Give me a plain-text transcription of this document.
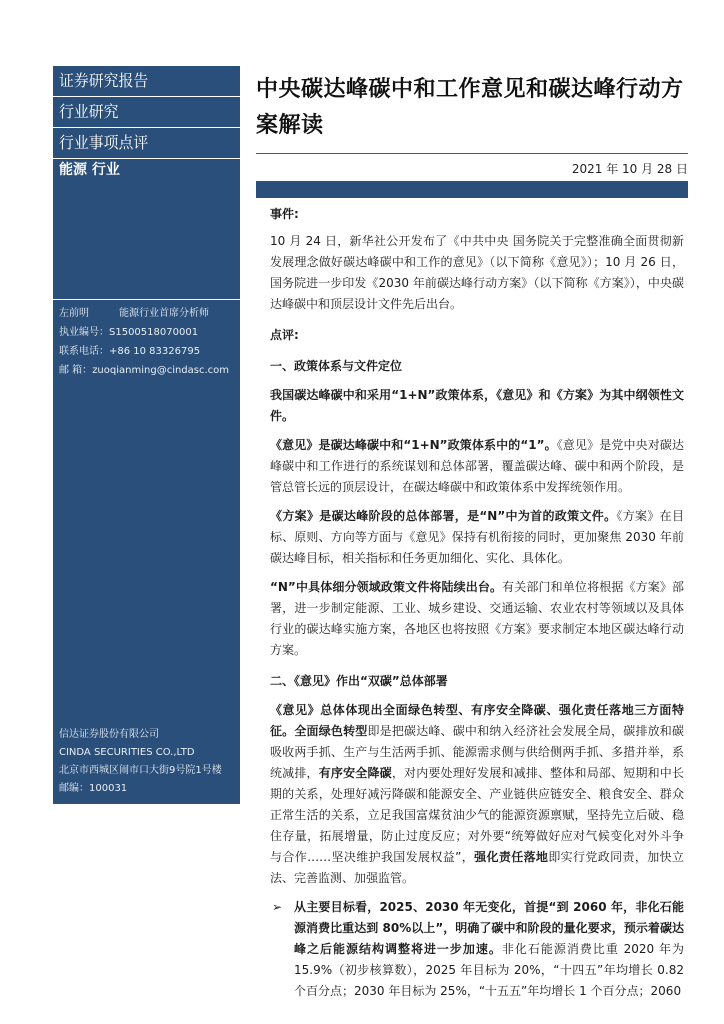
证券研究报告
行业研究
行业事项点评
能源 行业
左前明	能源行业首席分析师
执业编号：S1500518070001
联系电话：+86 10 83326795
邮 箱：zuoqianming@cindasc.com
信达证券股份有限公司
CINDA SECURITIES CO.,LTD
北京市西城区闹市口大街9号院1号楼
邮编：100031
中央碳达峰碳中和工作意见和碳达峰行动方案解读
2021 年 10 月 28 日

事件:

10 月 24 日，新华社公开发布了《中共中央 国务院关于完整准确全面贯彻新发展理念做好碳达峰碳中和工作的意见》（以下简称《意见》）；10 月 26 日，国务院进一步印发《2030 年前碳达峰行动方案》（以下简称《方案》），中央碳达峰碳中和顶层设计文件先后出台。

点评:

一、政策体系与文件定位

我国碳达峰碳中和采用“1+N”政策体系，《意见》和《方案》为其中纲领性文件。

《意见》是碳达峰碳中和“1+N”政策体系中的“1”。《意见》是党中央对碳达峰碳中和工作进行的系统谋划和总体部署，覆盖碳达峰、碳中和两个阶段，是管总管长远的顶层设计，在碳达峰碳中和政策体系中发挥统领作用。

《方案》是碳达峰阶段的总体部署，是“N”中为首的政策文件。《方案》在目标、原则、方向等方面与《意见》保持有机衔接的同时，更加聚焦 2030 年前碳达峰目标，相关指标和任务更加细化、实化、具体化。

“N”中具体细分领域政策文件将陆续出台。有关部门和单位将根据《方案》部署，进一步制定能源、工业、城乡建设、交通运输、农业农村等领域以及具体行业的碳达峰实施方案，各地区也将按照《方案》要求制定本地区碳达峰行动方案。

二、《意见》作出“双碳”总体部署

《意见》总体体现出全面绿色转型、有序安全降碳、强化责任落地三方面特征。全面绿色转型即是把碳达峰、碳中和纳入经济社会发展全局，碳排放和碳吸收两手抓、生产与生活两手抓、能源需求侧与供给侧两手抓、多措并举，系统减排，有序安全降碳，对内要处理好发展和减排、整体和局部、短期和中长期的关系，处理好减污降碳和能源安全、产业链供应链安全、粮食安全、群众正常生活的关系，立足我国富煤贫油少气的能源资源禀赋，坚持先立后破、稳住存量，拓展增量，防止过度反应；对外要“统筹做好应对气候变化对外斗争与合作……坚决维护我国发展权益”，强化责任落地即实行党政同责，加快立法、完善监测、加强监管。

➢ 从主要目标看，2025、2030 年无变化，首提“到 2060 年，非化石能源消费比重达到 80%以上”，明确了碳中和阶段的量化要求，预示着碳达峰之后能源结构调整将进一步加速。非化石能源消费比重 2020 年为 15.9%（初步核算数），2025 年目标为 20%，“十四五”年均增长 0.82 个百分点；2030 年目标为 25%，“十五五”年均增长 1 个百分点；2060
